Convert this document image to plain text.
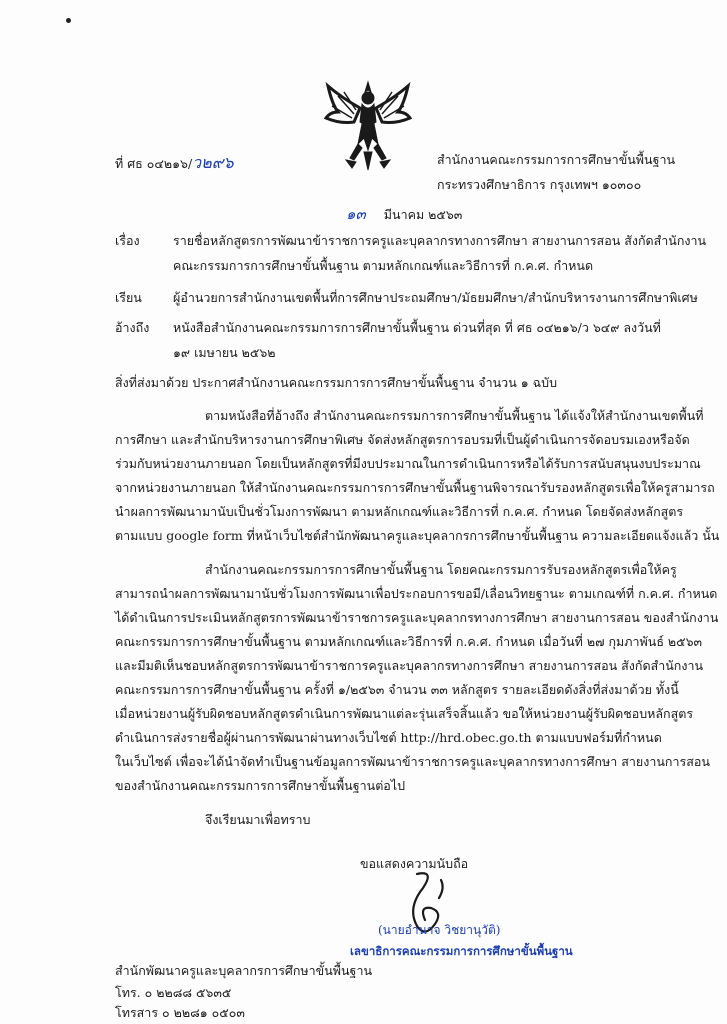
ที่ ศธ ๐๔๒๑๖/ว๒๙๖	สำนักงานคณะกรรมการการศึกษาขั้นพื้นฐาน
กระทรวงศึกษาธิการ กรุงเทพฯ ๑๐๓๐๐
๑๓ มีนาคม ๒๕๖๓
เรื่อง	รายชื่อหลักสูตรการพัฒนาข้าราชการครูและบุคลากรทางการศึกษา สายงานการสอน สังกัดสำนักงาน
คณะกรรมการการศึกษาขั้นพื้นฐาน ตามหลักเกณฑ์และวิธีการที่ ก.ค.ศ. กำหนด
เรียน ผู้อำนวยการสำนักงานเขตพื้นที่การศึกษาประถมศึกษา/มัธยมศึกษา/สำนักบริหารงานการศึกษาพิเศษ
อ้างถึง หนังสือสำนักงานคณะกรรมการการศึกษาขั้นพื้นฐาน ด่วนที่สุด ที่ ศธ ๐๔๒๑๖/ว ๖๔๙ ลงวันที่
๑๙ เมษายน ๒๕๖๒
สิ่งที่ส่งมาด้วย ประกาศสำนักงานคณะกรรมการการศึกษาขั้นพื้นฐาน จำนวน ๑ ฉบับ
ตามหนังสือที่อ้างถึง สำนักงานคณะกรรมการการศึกษาขั้นพื้นฐาน ได้แจ้งให้สำนักงานเขตพื้นที่
การศึกษา และสำนักบริหารงานการศึกษาพิเศษ จัดส่งหลักสูตรการอบรมที่เป็นผู้ดำเนินการจัดอบรมเองหรือจัด
ร่วมกับหน่วยงานภายนอก โดยเป็นหลักสูตรที่มีงบประมาณในการดำเนินการหรือได้รับการสนับสนุนงบประมาณ
จากหน่วยงานภายนอก ให้สำนักงานคณะกรรมการการศึกษาขั้นพื้นฐานพิจารณารับรองหลักสูตรเพื่อให้ครูสามารถ
นำผลการพัฒนามานับเป็นชั่วโมงการพัฒนา ตามหลักเกณฑ์และวิธีการที่ ก.ค.ศ. กำหนด โดยจัดส่งหลักสูตร
ตามแบบ google form ที่หน้าเว็บไซต์สำนักพัฒนาครูและบุคลากรการศึกษาขั้นพื้นฐาน ความละเอียดแจ้งแล้ว นั้น
สำนักงานคณะกรรมการการศึกษาขั้นพื้นฐาน โดยคณะกรรมการรับรองหลักสูตรเพื่อให้ครู
สามารถนำผลการพัฒนามานับชั่วโมงการพัฒนาเพื่อประกอบการขอมี/เลื่อนวิทยฐานะ ตามเกณฑ์ที่ ก.ค.ศ. กำหนด
ได้ดำเนินการประเมินหลักสูตรการพัฒนาข้าราชการครูและบุคลากรทางการศึกษา สายงานการสอน ของสำนักงาน
คณะกรรมการการศึกษาขั้นพื้นฐาน ตามหลักเกณฑ์และวิธีการที่ ก.ค.ศ. กำหนด เมื่อวันที่ ๒๗ กุมภาพันธ์ ๒๕๖๓
และมีมติเห็นชอบหลักสูตรการพัฒนาข้าราชการครูและบุคลากรทางการศึกษา สายงานการสอน สังกัดสำนักงาน
คณะกรรมการการศึกษาขั้นพื้นฐาน ครั้งที่ ๑/๒๕๖๓ จำนวน ๓๓ หลักสูตร รายละเอียดดังสิ่งที่ส่งมาด้วย ทั้งนี้
เมื่อหน่วยงานผู้รับผิดชอบหลักสูตรดำเนินการพัฒนาแต่ละรุ่นเสร็จสิ้นแล้ว ขอให้หน่วยงานผู้รับผิดชอบหลักสูตร
ดำเนินการส่งรายชื่อผู้ผ่านการพัฒนาผ่านทางเว็บไซต์ http://hrd.obec.go.th ตามแบบฟอร์มที่กำหนด
ในเว็บไซต์ เพื่อจะได้นำจัดทำเป็นฐานข้อมูลการพัฒนาข้าราชการครูและบุคลากรทางการศึกษา สายงานการสอน
ของสำนักงานคณะกรรมการการศึกษาขั้นพื้นฐานต่อไป
จึงเรียนมาเพื่อทราบ
ขอแสดงความนับถือ
(นายอำนาจ วิชยานุวัติ)
เลขาธิการคณะกรรมการการศึกษาขั้นพื้นฐาน
สำนักพัฒนาครูและบุคลากรการศึกษาขั้นพื้นฐาน
โทร. ๐ ๒๒๘๘ ๕๖๓๕
โทรสาร ๐ ๒๒๘๑ ๐๕๐๓
